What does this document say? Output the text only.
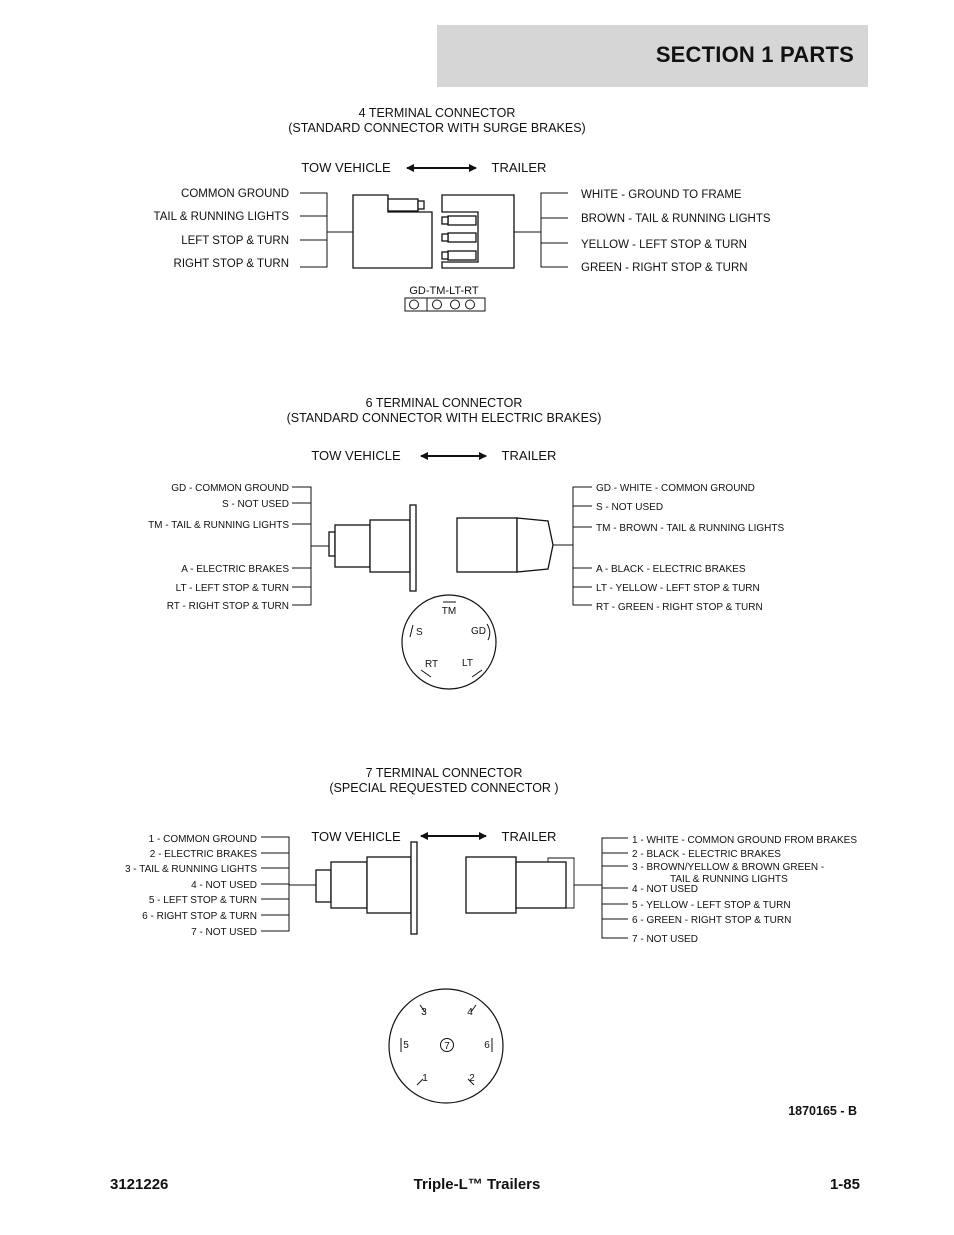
SECTION 1 PARTS
4 TERMINAL CONNECTOR
(STANDARD CONNECTOR WITH SURGE BRAKES)
TOW VEHICLE	TRAILER
COMMON GROUND
TAIL & RUNNING LIGHTS
LEFT STOP & TURN
RIGHT STOP & TURN
WHITE - GROUND TO FRAME
BROWN - TAIL & RUNNING LIGHTS
YELLOW - LEFT STOP & TURN
GREEN - RIGHT STOP & TURN
GD-TM-LT-RT
6 TERMINAL CONNECTOR
(STANDARD CONNECTOR WITH ELECTRIC BRAKES)
TOW VEHICLE	TRAILER
GD - COMMON GROUND
S - NOT USED
TM - TAIL & RUNNING LIGHTS
A - ELECTRIC BRAKES
LT - LEFT STOP & TURN
RT - RIGHT STOP & TURN
GD - WHITE - COMMON GROUND
S - NOT USED
TM - BROWN - TAIL & RUNNING LIGHTS
A - BLACK - ELECTRIC BRAKES
LT - YELLOW - LEFT STOP & TURN
RT - GREEN - RIGHT STOP & TURN
TM
S	GD
RT LT
7 TERMINAL CONNECTOR
(SPECIAL REQUESTED CONNECTOR )
TOW VEHICLE	TRAILER
1 - COMMON GROUND
2 - ELECTRIC BRAKES
3 - TAIL & RUNNING LIGHTS
4 - NOT USED
5 - LEFT STOP & TURN
6 - RIGHT STOP & TURN
7 - NOT USED
1 - WHITE - COMMON GROUND FROM BRAKES
2 - BLACK - ELECTRIC BRAKES
3 - BROWN/YELLOW & BROWN GREEN -
TAIL & RUNNING LIGHTS
4 - NOT USED
5 - YELLOW - LEFT STOP & TURN
6 - GREEN - RIGHT STOP & TURN
7 - NOT USED
3	4
5	6
7
1	2
1870165 - B
3121226	Triple-L™ Trailers	1-85
